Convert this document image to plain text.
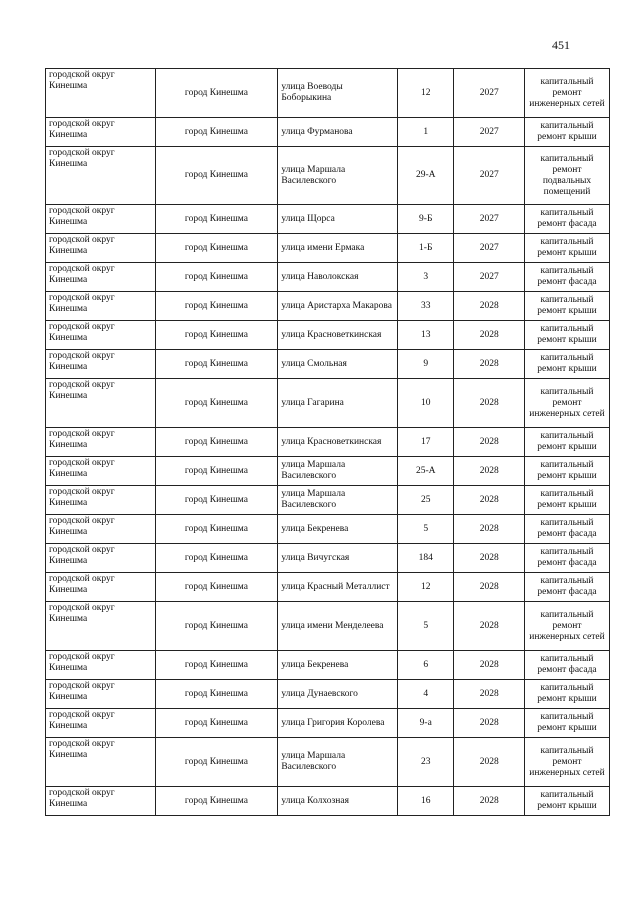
451
городской округ Кинешма	город Кинешма	улица Воеводы Боборыкина	12	2027	капитальный ремонт инженерных сетей
городской округ Кинешма	город Кинешма	улица Фурманова	1	2027	капитальный ремонт крыши
городской округ Кинешма	город Кинешма	улица Маршала Василевского	29-А	2027	капитальный ремонт подвальных помещений
городской округ Кинешма	город Кинешма	улица Щорса	9-Б	2027	капитальный ремонт фасада
городской округ Кинешма	город Кинешма	улица имени Ермака	1-Б	2027	капитальный ремонт крыши
городской округ Кинешма	город Кинешма	улица Наволокская	3	2027	капитальный ремонт фасада
городской округ Кинешма	город Кинешма	улица Аристарха Макарова	33	2028	капитальный ремонт крыши
городской округ Кинешма	город Кинешма	улица Красноветкинская	13	2028	капитальный ремонт крыши
городской округ Кинешма	город Кинешма	улица Смольная	9	2028	капитальный ремонт крыши
городской округ Кинешма	город Кинешма	улица Гагарина	10	2028	капитальный ремонт инженерных сетей
городской округ Кинешма	город Кинешма	улица Красноветкинская	17	2028	капитальный ремонт крыши
городской округ Кинешма	город Кинешма	улица Маршала Василевского	25-А	2028	капитальный ремонт крыши
городской округ Кинешма	город Кинешма	улица Маршала Василевского	25	2028	капитальный ремонт крыши
городской округ Кинешма	город Кинешма	улица Бекренева	5	2028	капитальный ремонт фасада
городской округ Кинешма	город Кинешма	улица Вичугская	184	2028	капитальный ремонт фасада
городской округ Кинешма	город Кинешма	улица Красный Металлист	12	2028	капитальный ремонт фасада
городской округ Кинешма	город Кинешма	улица имени Менделеева	5	2028	капитальный ремонт инженерных сетей
городской округ Кинешма	город Кинешма	улица Бекренева	6	2028	капитальный ремонт фасада
городской округ Кинешма	город Кинешма	улица Дунаевского	4	2028	капитальный ремонт крыши
городской округ Кинешма	город Кинешма	улица Григория Королева	9-а	2028	капитальный ремонт крыши
городской округ Кинешма	город Кинешма	улица Маршала Василевского	23	2028	капитальный ремонт инженерных сетей
городской округ Кинешма	город Кинешма	улица Колхозная	16	2028	капитальный ремонт крыши
